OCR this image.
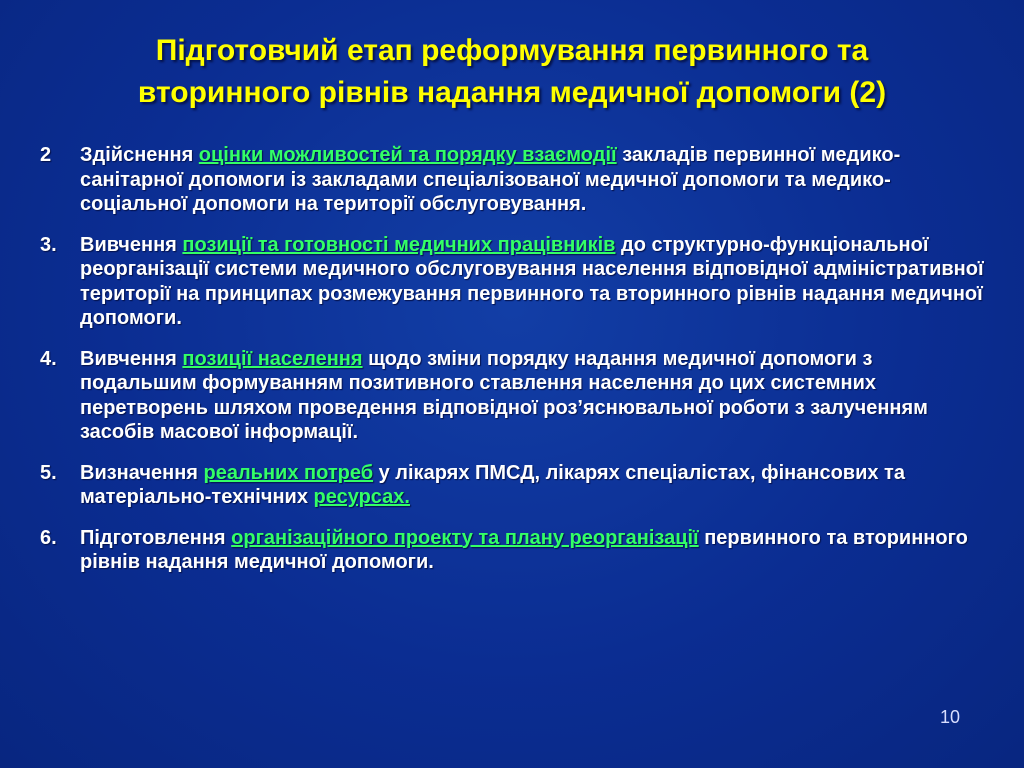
Підготовчий етап реформування первинного та
вторинного рівнів надання медичної допомоги (2)
2 Здійснення оцінки можливостей та порядку взаємодії закладів первинної медико-санітарної допомоги із закладами спеціалізованої медичної допомоги та медико-соціальної допомоги на території обслуговування.
3. Вивчення позиції та готовності медичних працівників до структурно-функціональної реорганізації системи медичного обслуговування населення відповідної адміністративної території на принципах розмежування первинного та вторинного рівнів надання медичної допомоги.
4. Вивчення позиції населення щодо зміни порядку надання медичної допомоги з подальшим формуванням позитивного ставлення населення до цих системних перетворень шляхом проведення відповідної роз’яснювальної роботи з залученням засобів масової інформації.
5. Визначення реальних потреб у лікарях ПМСД, лікарях спеціалістах, фінансових та матеріально-технічних ресурсах.
6. Підготовлення організаційного проекту та плану реорганізації первинного та вторинного рівнів надання медичної допомоги.
10
